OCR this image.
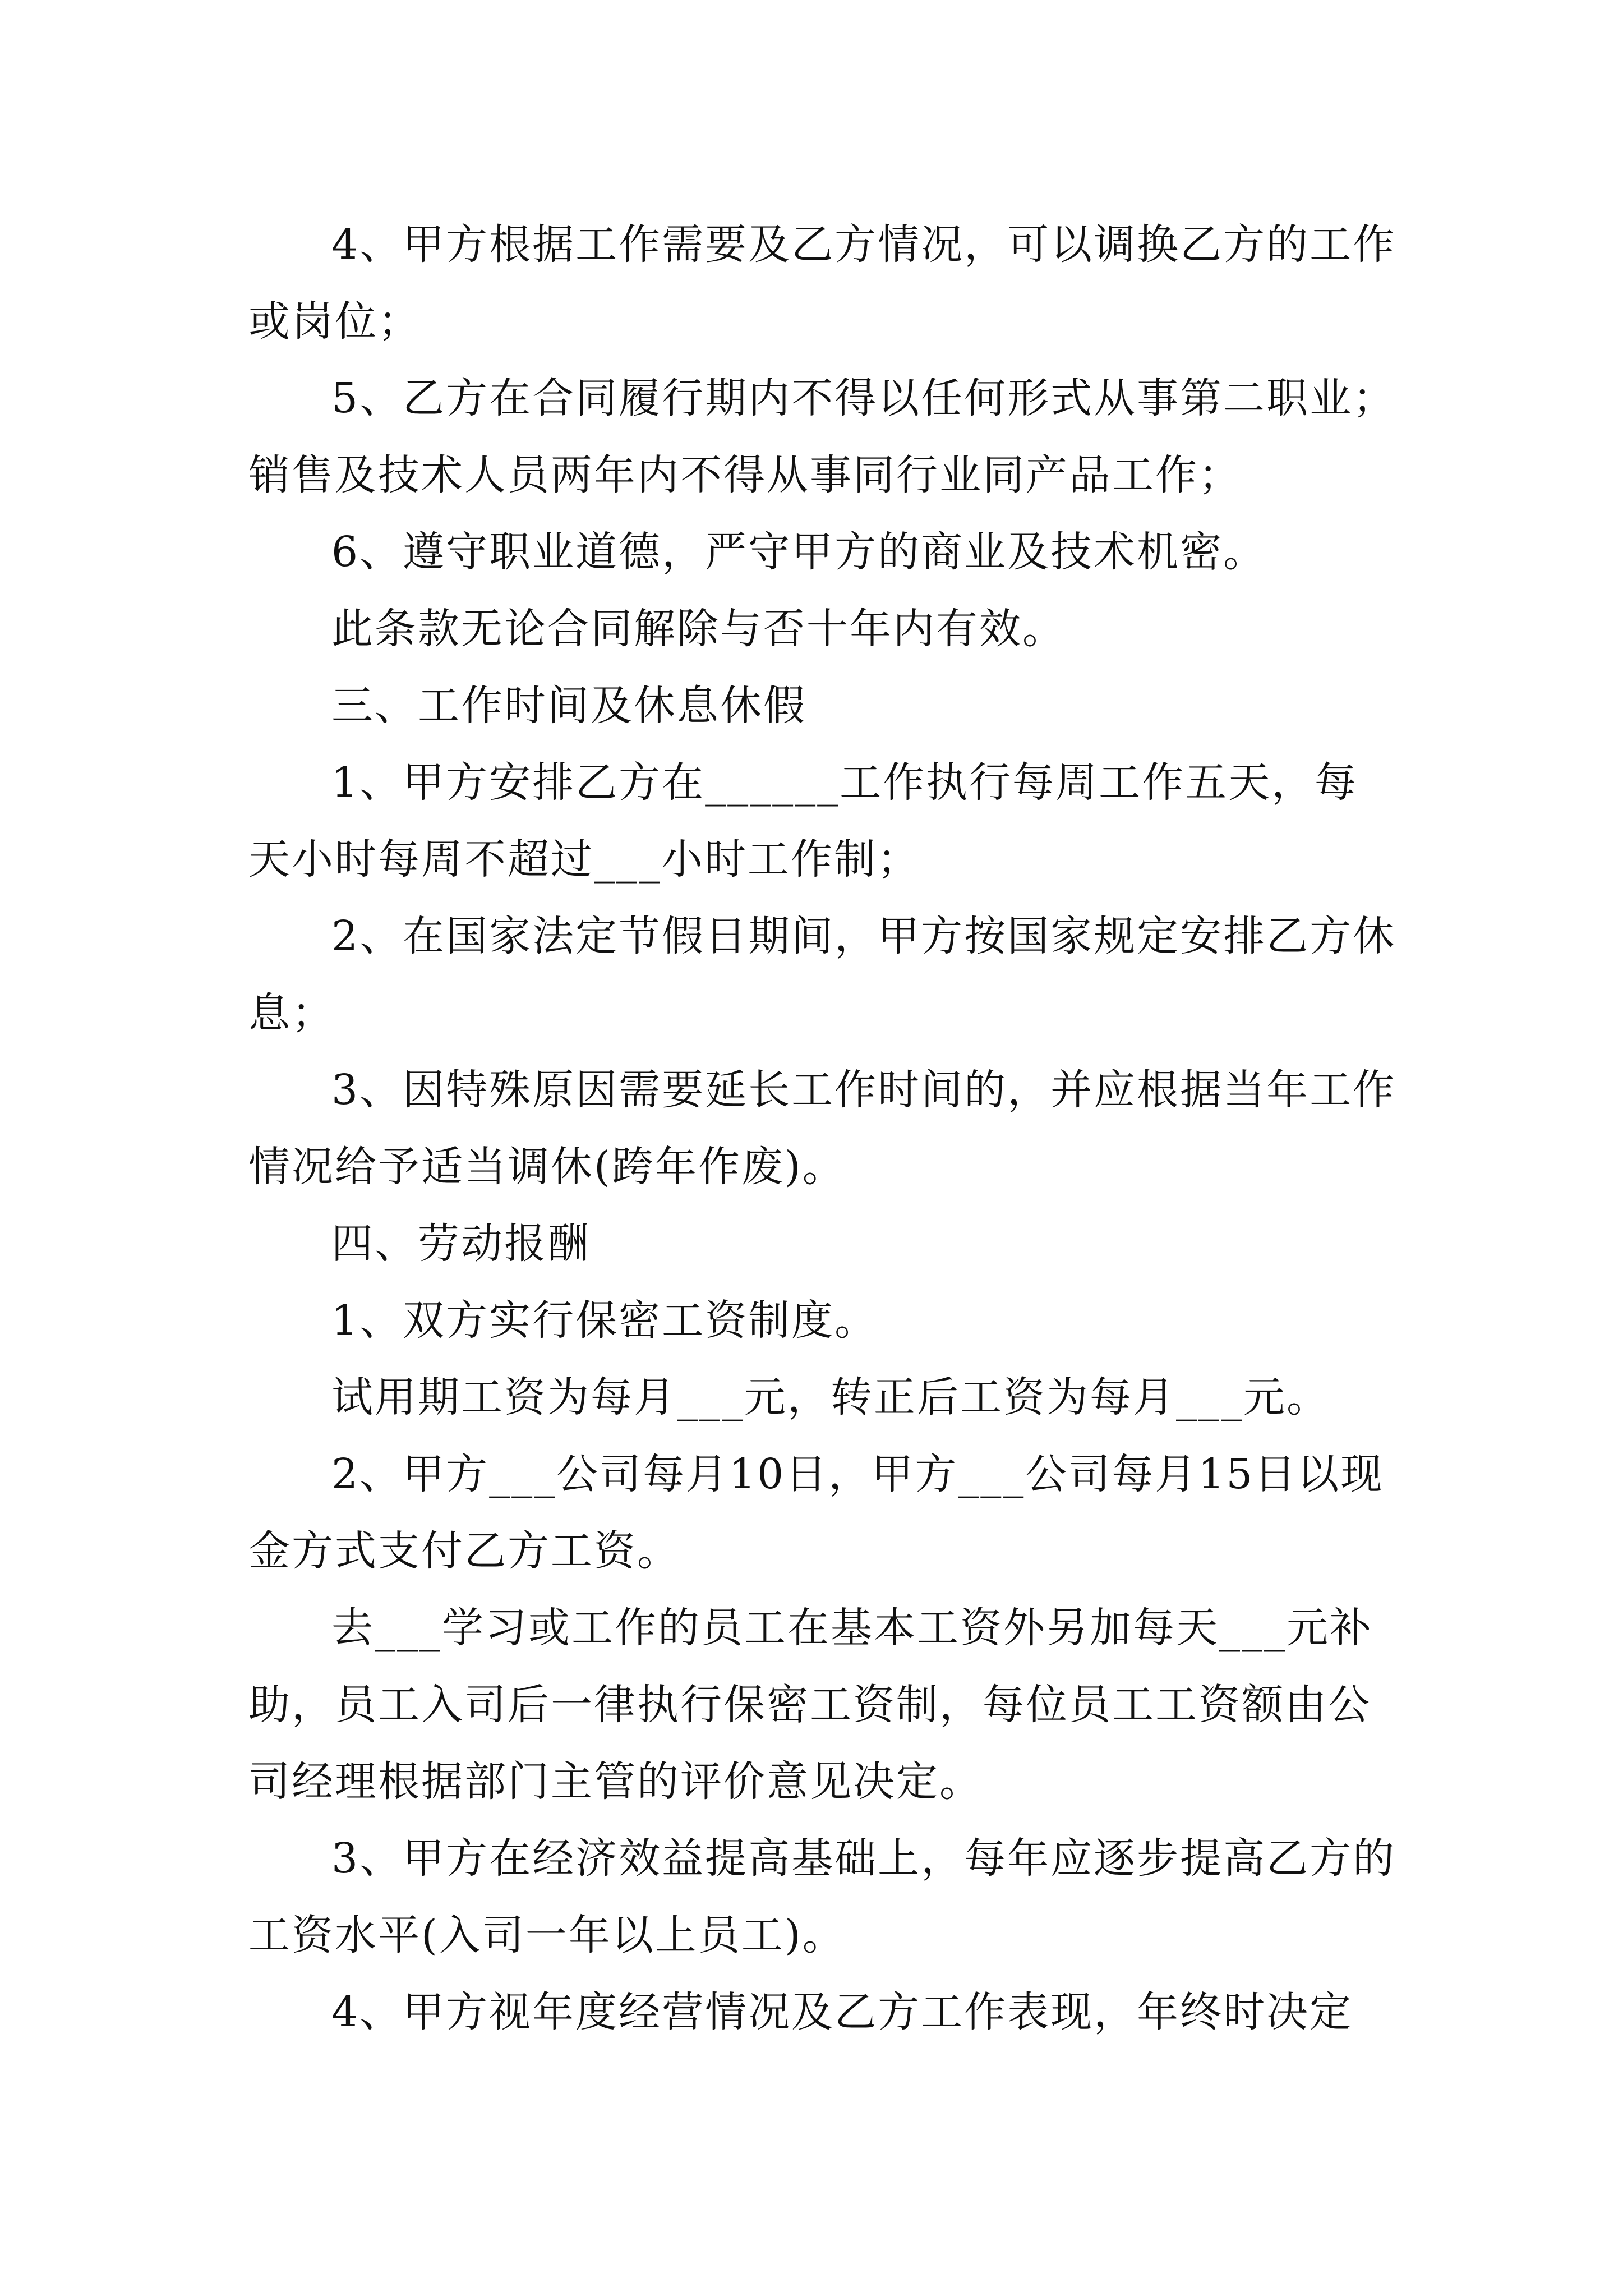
4、甲方根据工作需要及乙方情况，可以调换乙方的工作或岗位；

5、乙方在合同履行期内不得以任何形式从事第二职业；销售及技术人员两年内不得从事同行业同产品工作；

6、遵守职业道德，严守甲方的商业及技术机密。

此条款无论合同解除与否十年内有效。

三、工作时间及休息休假

1、甲方安排乙方在______工作执行每周工作五天，每天小时每周不超过___小时工作制；

2、在国家法定节假日期间，甲方按国家规定安排乙方休息；

3、因特殊原因需要延长工作时间的，并应根据当年工作情况给予适当调休(跨年作废)。

四、劳动报酬

1、双方实行保密工资制度。

试用期工资为每月___元，转正后工资为每月___元。

2、甲方___公司每月10日，甲方___公司每月15日以现金方式支付乙方工资。

去___学习或工作的员工在基本工资外另加每天___元补助，员工入司后一律执行保密工资制，每位员工工资额由公司经理根据部门主管的评价意见决定。

3、甲方在经济效益提高基础上，每年应逐步提高乙方的工资水平(入司一年以上员工)。

4、甲方视年度经营情况及乙方工作表现，年终时决定
